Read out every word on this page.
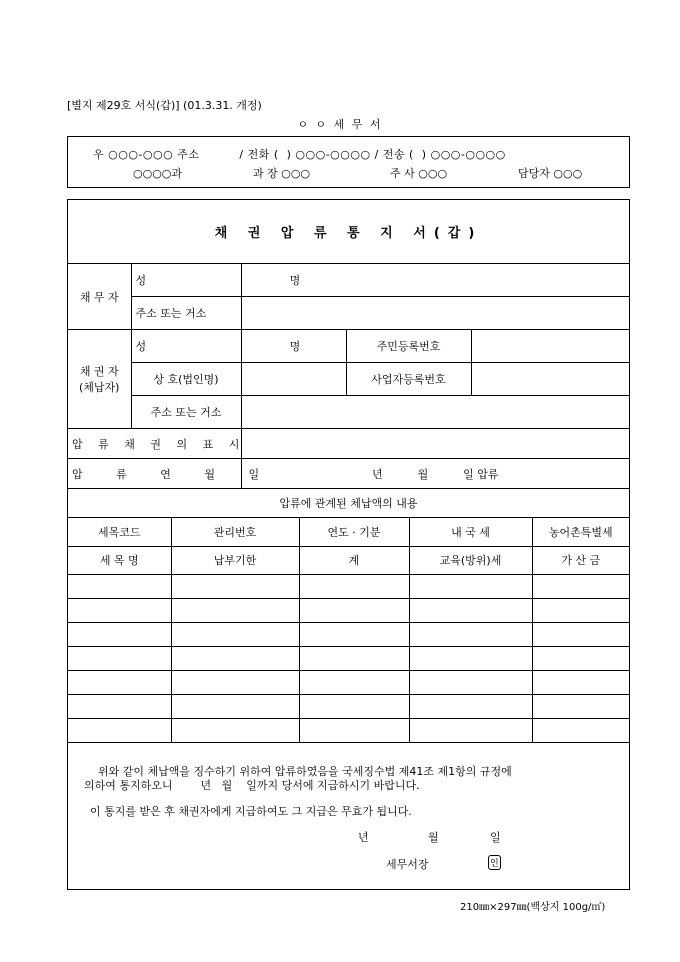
[별지 제29호 서식(갑)] (01.3.31. 개정)
ㅇ ㅇ 세 무 서
우 ○○○-○○○ 주소          / 전화 (  ) ○○○-○○○○ / 전송 (  ) ○○○-○○○○
○○○○과	과 장 ○○○	주 사 ○○○	담당자 ○○○
채 권 압 류 통 지 서(갑)				
채 무 자	성 명			
	주소 또는 거소			

채 권 자
(체납자)	성 명		주민등록번호	
	상 호(법인명)		사업자등록번호	
	주소 또는 거소			
압 류 채 권 의 표 시				
압 류 연 월 일		년          월          일 압류		
압류에 관계된 체납액의 내용				
세목코드	관리번호	연도 · 기분	내 국 세	농어촌특별세
세 목 명	납부기한	계	교육(방위)세	가 산 금

위와 같이 체납액을 징수하기 위하여 압류하였음을 국세징수법 제41조 제1항의 규정에
의하여 통지하오니        년   월    일까지 당서에 지급하시기 바랍니다.
이 통지를 받은 후 채권자에게 지급하여도 그 지급은 무효가 됩니다.
년	월	일
세무서장	인
210㎜×297㎜(백상지 100g/㎡)
